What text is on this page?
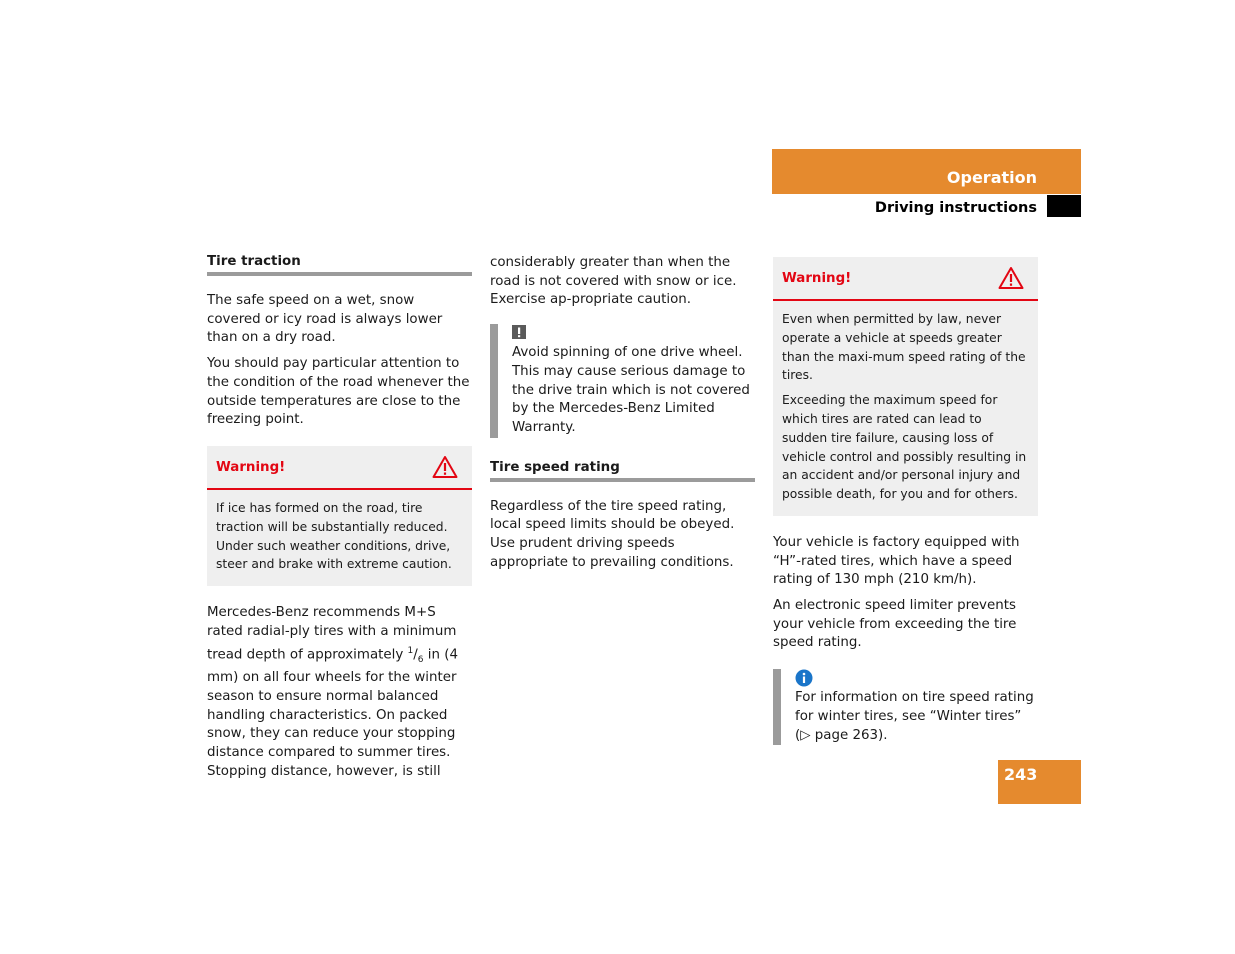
Operation
Driving instructions
Tire traction

The safe speed on a wet, snow covered or icy road is always lower than on a dry road.

You should pay particular attention to the condition of the road whenever the outside temperatures are close to the freezing point.

Warning!

If ice has formed on the road, tire traction will be substantially reduced. Under such weather conditions, drive, steer and brake with extreme caution.

Mercedes-Benz recommends M+S rated radial-ply tires with a minimum tread depth of approximately $^1/_6$ in (4 mm) on all four wheels for the winter season to ensure normal balanced handling characteristics. On packed snow, they can reduce your stopping distance compared to summer tires. Stopping distance, however, is still

considerably greater than when the road is not covered with snow or ice. Exercise ap-propriate caution.

Avoid spinning of one drive wheel. This may cause serious damage to the drive train which is not covered by the Mercedes-Benz Limited Warranty.

Tire speed rating

Regardless of the tire speed rating, local speed limits should be obeyed. Use prudent driving speeds appropriate to prevailing conditions.

Warning!

Even when permitted by law, never operate a vehicle at speeds greater than the maxi-mum speed rating of the tires.

Exceeding the maximum speed for which tires are rated can lead to sudden tire failure, causing loss of vehicle control and possibly resulting in an accident and/or personal injury and possible death, for you and for others.

Your vehicle is factory equipped with “H”-rated tires, which have a speed rating of 130 mph (210 km/h).

An electronic speed limiter prevents your vehicle from exceeding the tire speed rating.

For information on tire speed rating for winter tires, see “Winter tires”

(▷ page 263).

243
